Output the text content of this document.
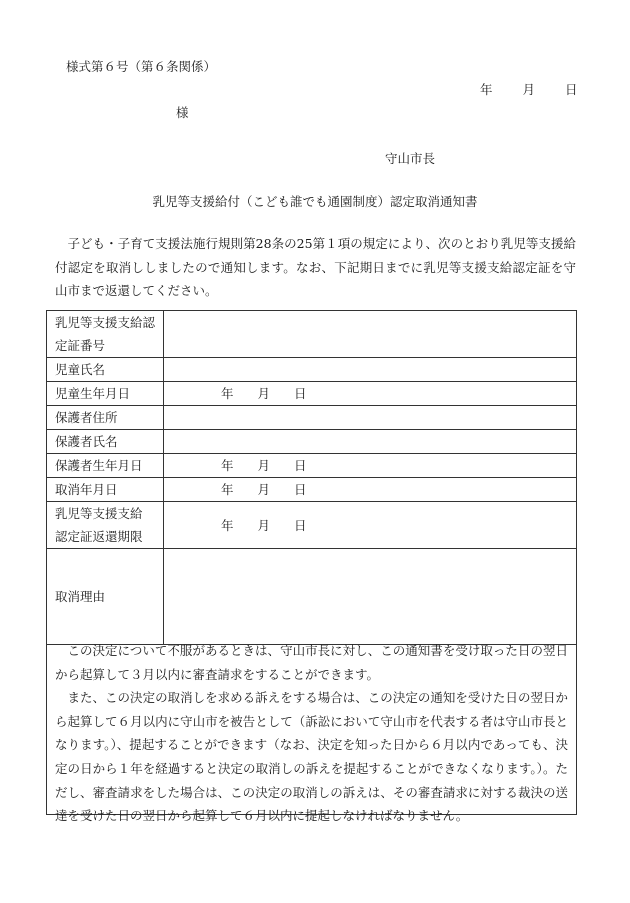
様式第６号（第６条関係）
年 月 日
様
守山市長
乳児等支援給付（こども誰でも通園制度）認定取消通知書
子ども・子育て支援法施行規則第28条の25第１項の規定により、次のとおり乳児等支援給付認定を取消ししましたので通知します。なお、下記期日までに乳児等支援支給認定証を守山市まで返還してください。
乳児等支援支給認
定証番号	
児童氏名	
児童生年月日	年 月 日
保護者住所	
保護者氏名	
保護者生年月日	年 月 日
取消年月日	年 月 日
乳児等支援支給
認定証返還期限	年 月 日
取消理由	

この決定について不服があるときは、守山市長に対し、この通知書を受け取った日の翌日から起算して３月以内に審査請求をすることができます。

また、この決定の取消しを求める訴えをする場合は、この決定の通知を受けた日の翌日から起算して６月以内に守山市を被告として（訴訟において守山市を代表する者は守山市長となります。）、提起することができます（なお、決定を知った日から６月以内であっても、決定の日から１年を経過すると決定の取消しの訴えを提起することができなくなります。）。ただし、審査請求をした場合は、この決定の取消しの訴えは、その審査請求に対する裁決の送達を受けた日の翌日から起算して６月以内に提起しなければなりません。
